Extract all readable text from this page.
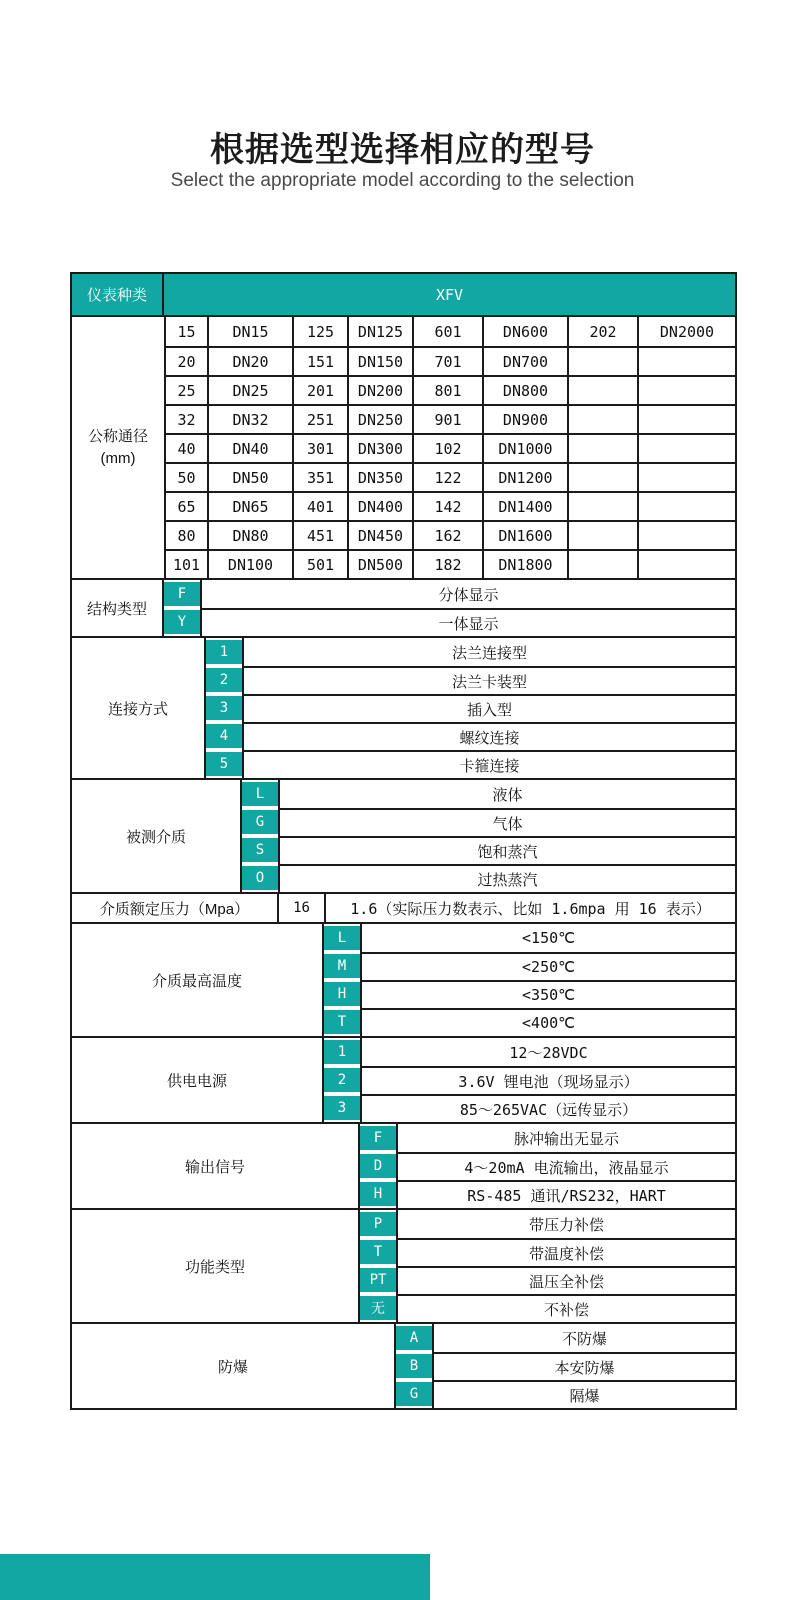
根据选型选择相应的型号
Select the appropriate model according to the selection
仪表种类	XFV
公称通径
(mm)
15	DN15	125	DN125	601	DN600	202	DN2000
20	DN20	151	DN150	701	DN700
25	DN25	201	DN200	801	DN800
32	DN32	251	DN250	901	DN900
40	DN40	301	DN300	102	DN1000
50	DN50	351	DN350	122	DN1200
65	DN65	401	DN400	142	DN1400
80	DN80	451	DN450	162	DN1600
101	DN100	501	DN500	182	DN1800
结构类型
F	分体显示
Y	一体显示
连接方式
1	法兰连接型
2	法兰卡装型
3	插入型
4	螺纹连接
5	卡箍连接
被测介质
L	液体
G	气体
S	饱和蒸汽
O	过热蒸汽
介质额定压力（Mpa）	16	1.6（实际压力数表示、比如 1.6mpa 用 16 表示）
介质最高温度
L	<150℃
M	<250℃
H	<350℃
T	<400℃
供电电源
1	12～28VDC
2	3.6V 锂电池（现场显示）
3	85～265VAC（远传显示）
输出信号
F	脉冲输出无显示
D	4～20mA 电流输出，液晶显示
H	RS-485 通讯/RS232，HART
功能类型
P	带压力补偿
T	带温度补偿
PT	温压全补偿
无	不补偿
防爆
A	不防爆
B	本安防爆
G	隔爆
